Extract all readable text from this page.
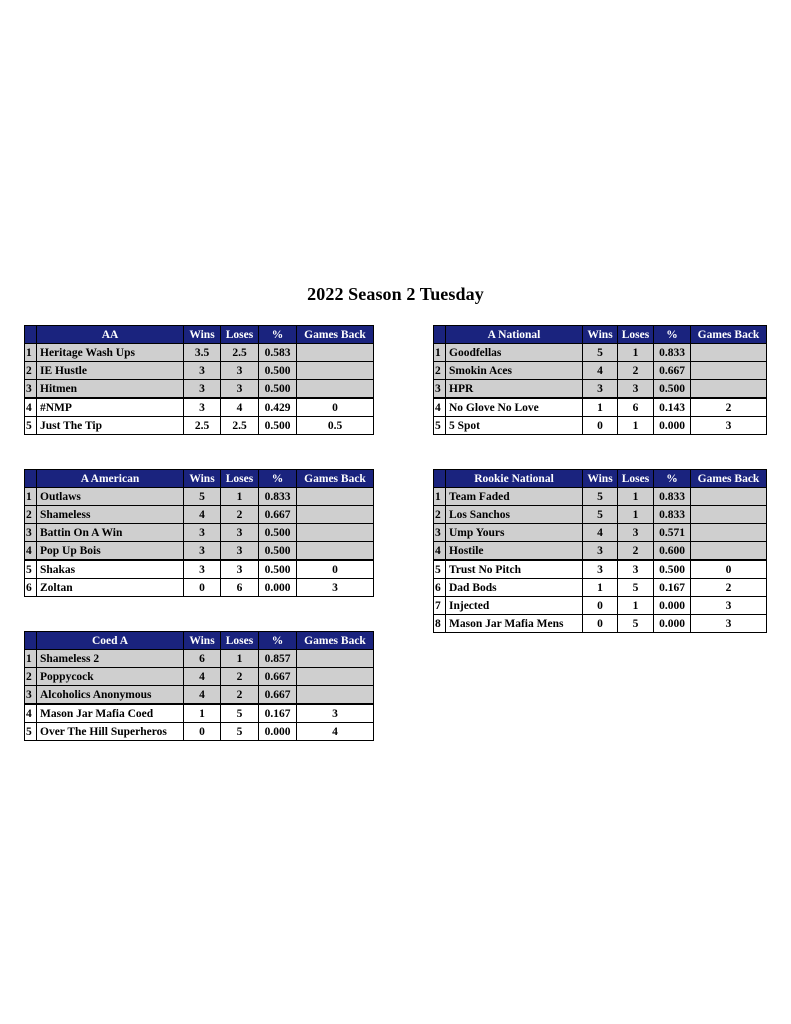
2022 Season 2 Tuesday
	AA	Wins	Loses	%	Games Back
1	Heritage Wash Ups	3.5	2.5	0.583	
2	IE Hustle	3	3	0.500	
3	Hitmen	3	3	0.500	
4	#NMP	3	4	0.429	0
5	Just The Tip	2.5	2.5	0.500	0.5
	A National	Wins	Loses	%	Games Back
1	Goodfellas	5	1	0.833	
2	Smokin Aces	4	2	0.667	
3	HPR	3	3	0.500	
4	No Glove No Love	1	6	0.143	2
5	5 Spot	0	1	0.000	3
	A American	Wins	Loses	%	Games Back
1	Outlaws	5	1	0.833	
2	Shameless	4	2	0.667	
3	Battin On A Win	3	3	0.500	
4	Pop Up Bois	3	3	0.500	
5	Shakas	3	3	0.500	0
6	Zoltan	0	6	0.000	3
	Rookie National	Wins	Loses	%	Games Back
1	Team Faded	5	1	0.833	
2	Los Sanchos	5	1	0.833	
3	Ump Yours	4	3	0.571	
4	Hostile	3	2	0.600	
5	Trust No Pitch	3	3	0.500	0
6	Dad Bods	1	5	0.167	2
7	Injected	0	1	0.000	3
8	Mason Jar Mafia Mens	0	5	0.000	3
	Coed A	Wins	Loses	%	Games Back
1	Shameless 2	6	1	0.857	
2	Poppycock	4	2	0.667	
3	Alcoholics Anonymous	4	2	0.667	
4	Mason Jar Mafia Coed	1	5	0.167	3
5	Over The Hill Superheros	0	5	0.000	4
